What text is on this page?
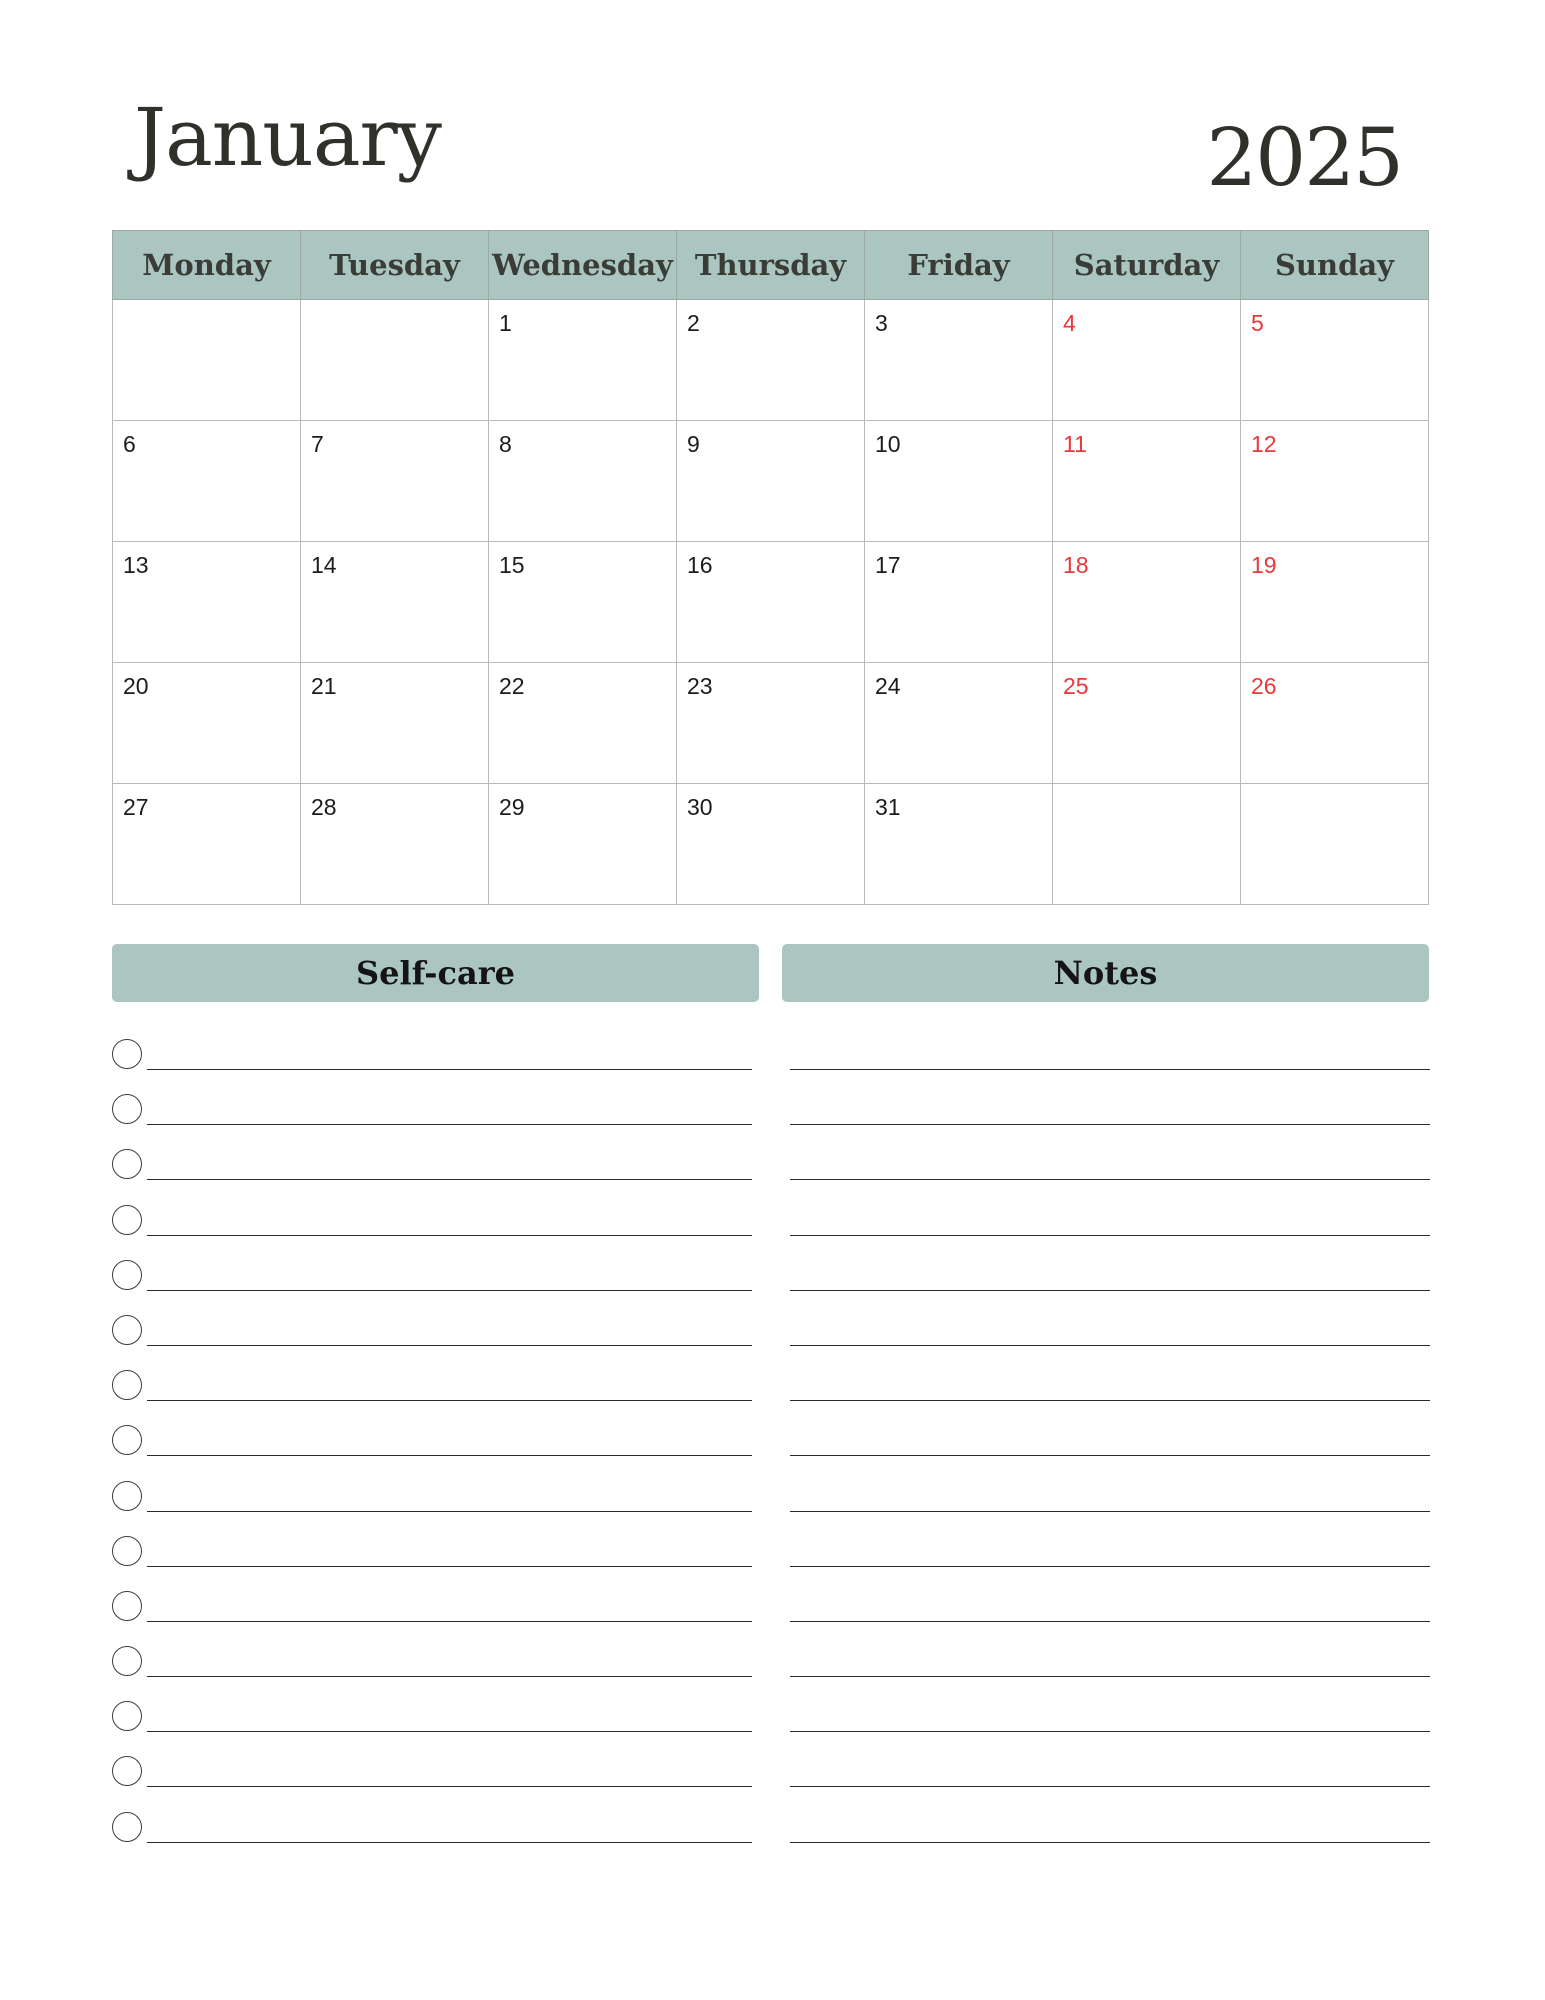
January	2025
Monday	Tuesday	Wednesday	Thursday	Friday	Saturday	Sunday

		1	2	3	4	5

6	7	8	9	10	11	12

13	14	15	16	17	18	19

20	21	22	23	24	25	26

27	28	29	30	31		

Self-care	Notes
